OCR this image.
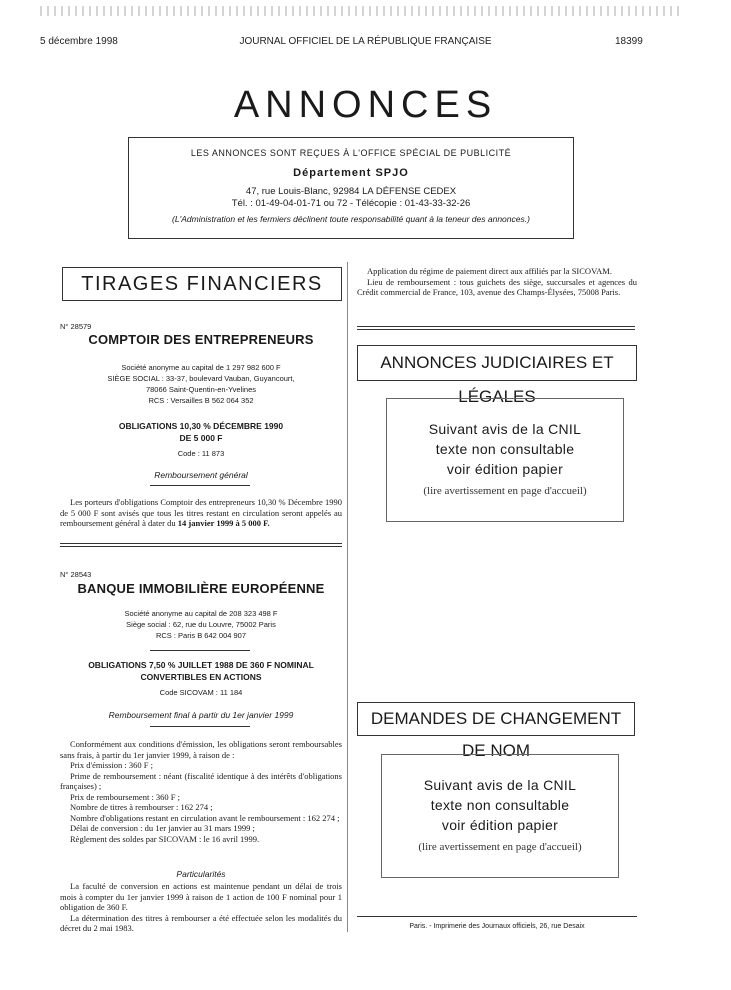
5 décembre 1998	JOURNAL OFFICIEL DE LA RÉPUBLIQUE FRANÇAISE	18399
ANNONCES
LES ANNONCES SONT REÇUES À L'OFFICE SPÉCIAL DE PUBLICITÉ
Département SPJO
47, rue Louis-Blanc, 92984 LA DÉFENSE CEDEX
Tél. : 01-49-04-01-71 ou 72 - Télécopie : 01-43-33-32-26
(L'Administration et les fermiers déclinent toute responsabilité quant à la teneur des annonces.)
TIRAGES FINANCIERS
N° 28579
COMPTOIR DES ENTREPRENEURS
Société anonyme au capital de 1 297 982 600 F
SIÈGE SOCIAL : 33-37, boulevard Vauban, Guyancourt,
78066 Saint-Quentin-en-Yvelines
RCS : Versailles B 562 064 352
OBLIGATIONS 10,30 % DÉCEMBRE 1990
DE 5 000 F
Code : 11 873
Remboursement général

Les porteurs d'obligations Comptoir des entrepreneurs 10,30 % Décembre 1990 de 5 000 F sont avisés que tous les titres restant en circulation seront appelés au remboursement général à dater du 14 janvier 1999 à 5 000 F.

N° 28543
BANQUE IMMOBILIÈRE EUROPÉENNE
Société anonyme au capital de 208 323 498 F
Siège social : 62, rue du Louvre, 75002 Paris
RCS : Paris B 642 004 907
OBLIGATIONS 7,50 % JUILLET 1988 DE 360 F NOMINAL
CONVERTIBLES EN ACTIONS
Code SICOVAM : 11 184
Remboursement final à partir du 1er janvier 1999

Conformément aux conditions d'émission, les obligations seront remboursables sans frais, à partir du 1er janvier 1999, à raison de :

Prix d'émission : 360 F ;

Prime de remboursement : néant (fiscalité identique à des intérêts d'obligations françaises) ;

Prix de remboursement : 360 F ;

Nombre de titres à rembourser : 162 274 ;

Nombre d'obligations restant en circulation avant le remboursement : 162 274 ;

Délai de conversion : du 1er janvier au 31 mars 1999 ;

Règlement des soldes par SICOVAM : le 16 avril 1999.

Particularités

La faculté de conversion en actions est maintenue pendant un délai de trois mois à compter du 1er janvier 1999 à raison de 1 action de 100 F nominal pour 1 obligation de 360 F.

La détermination des titres à rembourser a été effectuée selon les modalités du décret du 2 mai 1983.

Application du régime de paiement direct aux affiliés par la SICOVAM.

Lieu de remboursement : tous guichets des siège, succursales et agences du Crédit commercial de France, 103, avenue des Champs-Élysées, 75008 Paris.

ANNONCES JUDICIAIRES ET LÉGALES
Suivant avis de la CNIL
texte non consultable
voir édition papier
(lire avertissement en page d'accueil)
DEMANDES DE CHANGEMENT DE NOM
Suivant avis de la CNIL
texte non consultable
voir édition papier
(lire avertissement en page d'accueil)
Paris. - Imprimerie des Journaux officiels, 26, rue Desaix
